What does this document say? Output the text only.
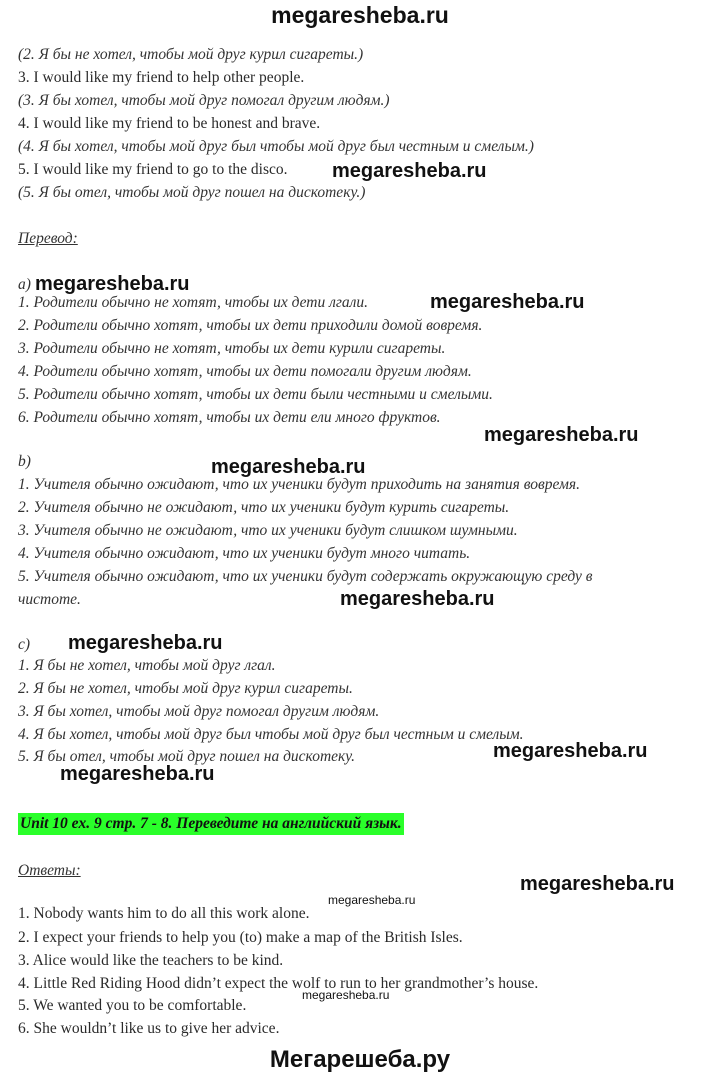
megaresheba.ru
(2. Я бы не хотел, чтобы мой друг курил сигареты.)
3. I would like my friend to help other people.
(3. Я бы хотел, чтобы мой друг помогал другим людям.)
4. I would like my friend to be honest and brave.
(4. Я бы хотел, чтобы мой друг был чтобы мой друг был честным и смелым.)
5. I would like my friend to go to the disco.
(5. Я бы отел, чтобы мой друг пошел на дискотеку.)
Перевод:
a)
1. Родители обычно не хотят, чтобы их дети лгали.
2. Родители обычно хотят, чтобы их дети приходили домой вовремя.
3. Родители обычно не хотят, чтобы их дети курили сигареты.
4. Родители обычно хотят, чтобы их дети помогали другим людям.
5. Родители обычно хотят, чтобы их дети были честными и смелыми.
6. Родители обычно хотят, чтобы их дети ели много фруктов.
b)
1. Учителя обычно ожидают, что их ученики будут приходить на занятия вовремя.
2. Учителя обычно не ожидают, что их ученики будут курить сигареты.
3. Учителя обычно не ожидают, что их ученики будут слишком шумными.
4. Учителя обычно ожидают, что их ученики будут много читать.
5. Учителя обычно ожидают, что их ученики будут содержать окружающую среду в
чистоте.
c)
1. Я бы не хотел, чтобы мой друг лгал.
2. Я бы не хотел, чтобы мой друг курил сигареты.
3. Я бы хотел, чтобы мой друг помогал другим людям.
4. Я бы хотел, чтобы мой друг был чтобы мой друг был честным и смелым.
5. Я бы отел, чтобы мой друг пошел на дискотеку.
Unit 10 ex. 9 стр. 7 - 8. Переведите на английский язык.
Ответы:
1. Nobody wants him to do all this work alone.
2. I expect your friends to help you (to) make a map of the British Isles.
3. Alice would like the teachers to be kind.
4. Little Red Riding Hood didn’t expect the wolf to run to her grandmother’s house.
5. We wanted you to be comfortable.
6. She wouldn’t like us to give her advice.
megaresheba.ru
megaresheba.ru
megaresheba.ru
megaresheba.ru
megaresheba.ru
megaresheba.ru
megaresheba.ru
megaresheba.ru
megaresheba.ru
megaresheba.ru
megaresheba.ru
megaresheba.ru
Мегарешеба.ру
